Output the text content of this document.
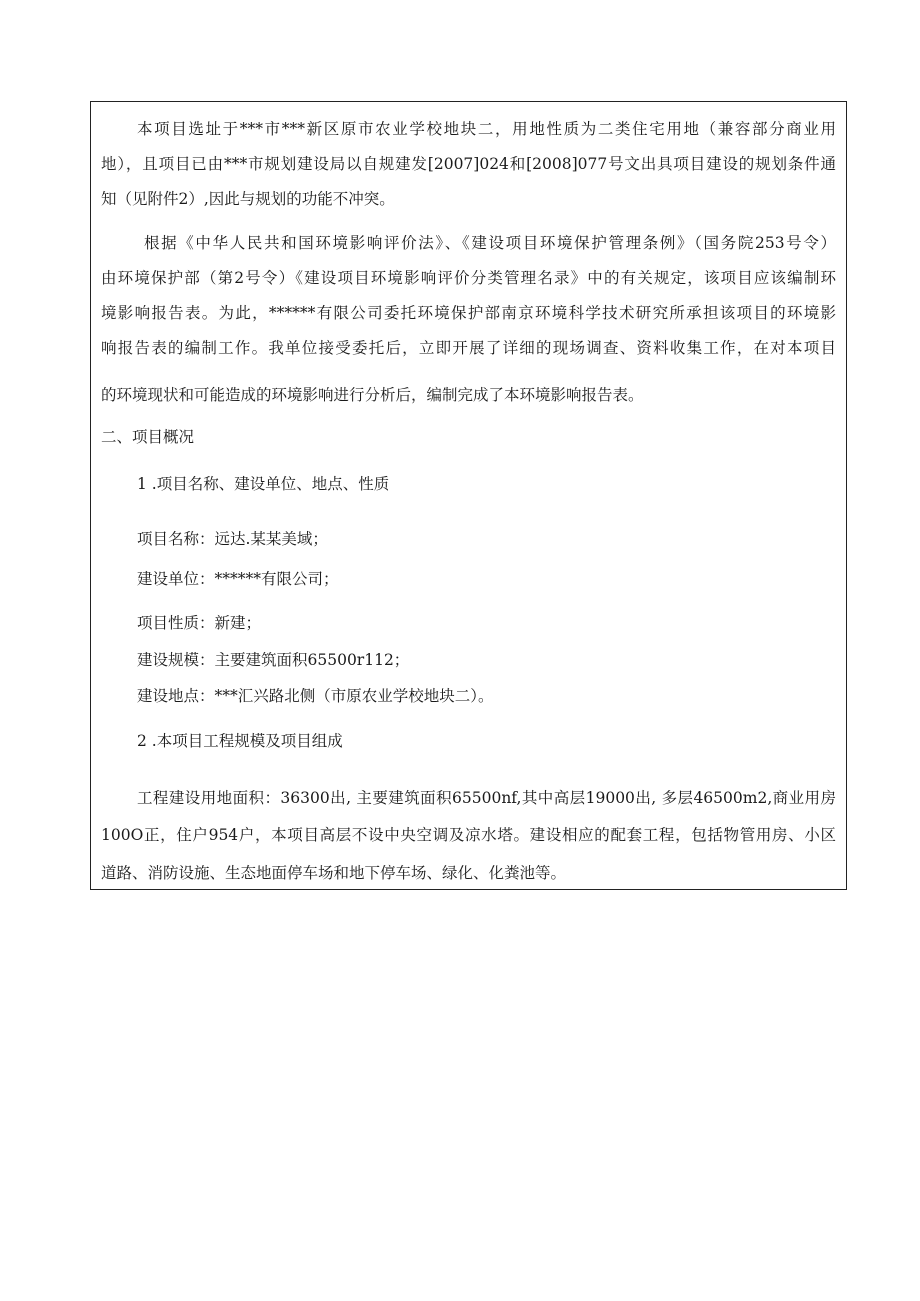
本项目选址于***市***新区原市农业学校地块二，用地性质为二类住宅用地（兼容部分商业用
地），且项目已由***市规划建设局以自规建发[2007]024和[2008]077号文出具项目建设的规划条件通
知（见附件2）,因此与规划的功能不冲突。
根据《中华人民共和国环境影响评价法》、《建设项目环境保护管理条例》（国务院253号令）
由环境保护部（第2号令）《建设项目环境影响评价分类管理名录》中的有关规定，该项目应该编制环
境影响报告表。为此，******有限公司委托环境保护部南京环境科学技术研究所承担该项目的环境影
响报告表的编制工作。我单位接受委托后，立即开展了详细的现场调查、资料收集工作，在对本项目
的环境现状和可能造成的环境影响进行分析后，编制完成了本环境影响报告表。
二、项目概况
1 .项目名称、建设单位、地点、性质
项目名称：远达.某某美域；
建设单位：******有限公司；
项目性质：新建；
建设规模：主要建筑面积65500r112；
建设地点：***汇兴路北侧（市原农业学校地块二）。
2 .本项目工程规模及项目组成
工程建设用地面积：36300出, 主要建筑面积65500nf,其中高层19000出, 多层46500m2,商业用房
100O正，住户954户，本项目高层不设中央空调及凉水塔。建设相应的配套工程，包括物管用房、小区
道路、消防设施、生态地面停车场和地下停车场、绿化、化粪池等。
